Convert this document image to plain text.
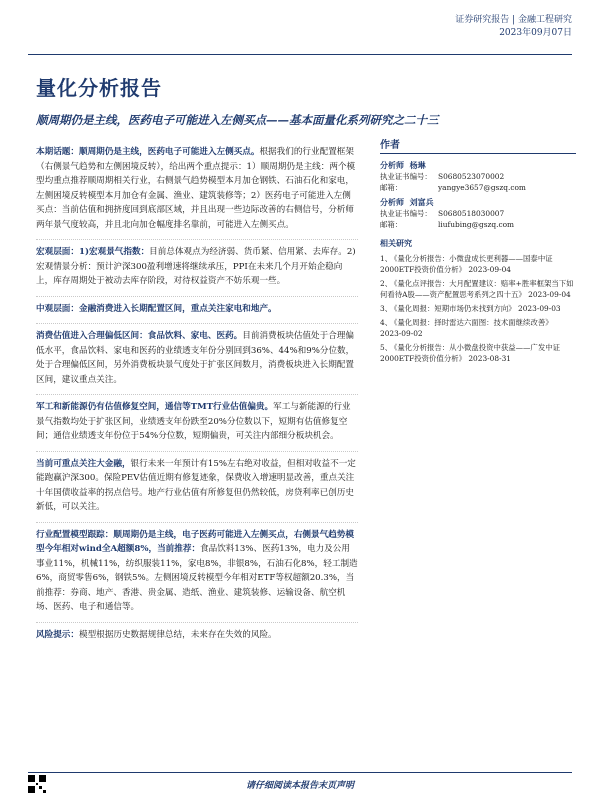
证券研究报告 | 金融工程研究
2023年09月07日
量化分析报告
顺周期仍是主线，医药电子可能进入左侧买点——基本面量化系列研究之二十三

本期话题：顺周期仍是主线，医药电子可能进入左侧买点。根据我们的行业配置框架（右侧景气趋势和左侧困境反转），给出两个重点提示：1）顺周期仍是主线：两个模型均重点推荐顺周期相关行业，右侧景气趋势模型本月加仓钢铁、石油石化和家电，左侧困境反转模型本月加仓有金属、渔业、建筑装修等；2）医药电子可能进入左侧买点：当前估值和拥挤度回到底部区域，并且出现一些边际改善的右侧信号，分析师两年景气度较高，并且北向加仓幅度排名靠前，可能进入左侧买点。

宏观层面：1)宏观景气指数：目前总体观点为经济弱、货币紧、信用紧、去库存。2)宏观情景分析：预计沪深300盈利增速将继续承压，PPI在未来几个月开始企稳向上，库存周期处于被动去库存阶段，对待权益资产不妨乐观一些。

中观层面：金融消费进入长期配置区间，重点关注家电和地产。

消费估值进入合理偏低区间：食品饮料、家电、医药。目前消费板块估值处于合理偏低水平，食品饮料、家电和医药的业绩透支年份分别回到36%、44%和9%分位数，处于合理偏低区间，另外消费板块景气度处于扩张区间数月，消费板块进入长期配置区间，建议重点关注。

军工和新能源仍有估值修复空间，通信等TMT行业估值偏贵。军工与新能源的行业景气指数均处于扩张区间，业绩透支年份跌至20%分位数以下，短期有估值修复空间；通信业绩透支年份位于54%分位数，短期偏贵，可关注内部细分板块机会。

当前可重点关注大金融，银行未来一年预计有15%左右绝对收益，但相对收益不一定能跑赢沪深300。保险PEV估值近期有修复迹象，保费收入增速明显改善，重点关注十年国债收益率的拐点信号。地产行业估值有所修复但仍然较低，房贷利率已创历史新低，可以关注。

行业配置模型跟踪：顺周期仍是主线，电子医药可能进入左侧买点，右侧景气趋势模型今年相对wind全A超额8%，当前推荐：食品饮料13%、医药13%，电力及公用事业11%，机械11%，纺织服装11%，家电8%，非银8%，石油石化8%，轻工制造6%，商贸零售6%，钢铁5%。左侧困境反转模型今年相对ETF等权超额20.3%，当前推荐：券商、地产、香港、贵金属、造纸、渔业、建筑装修、运输设备、航空机场、医药、电子和通信等。

风险提示：模型根据历史数据规律总结，未来存在失效的风险。

作者
分析师 杨琳
执业证书编号： S0680523070002
邮箱：	yangye3657@gszq.com
分析师 刘富兵
执业证书编号： S0680518030007
邮箱：	liufubing@gszq.com
相关研究
1、《量化分析报告：小微盘成长更利器——国泰中证2000ETF投资价值分析》 2023-09-04
2、《量化点评报告：大月配置建议：赔率+胜率框架当下如何看待A股——资产配置思考系列之四十五》 2023-09-04
3、《量化周报：短期市场仍未找到方向》 2023-09-03
4、《量化周报：择时雷达六面图：技术面继续改善》 2023-09-02
5、《量化分析报告：从小微盘投资中获益——广发中证2000ETF投资价值分析》 2023-08-31
请仔细阅读本报告末页声明
